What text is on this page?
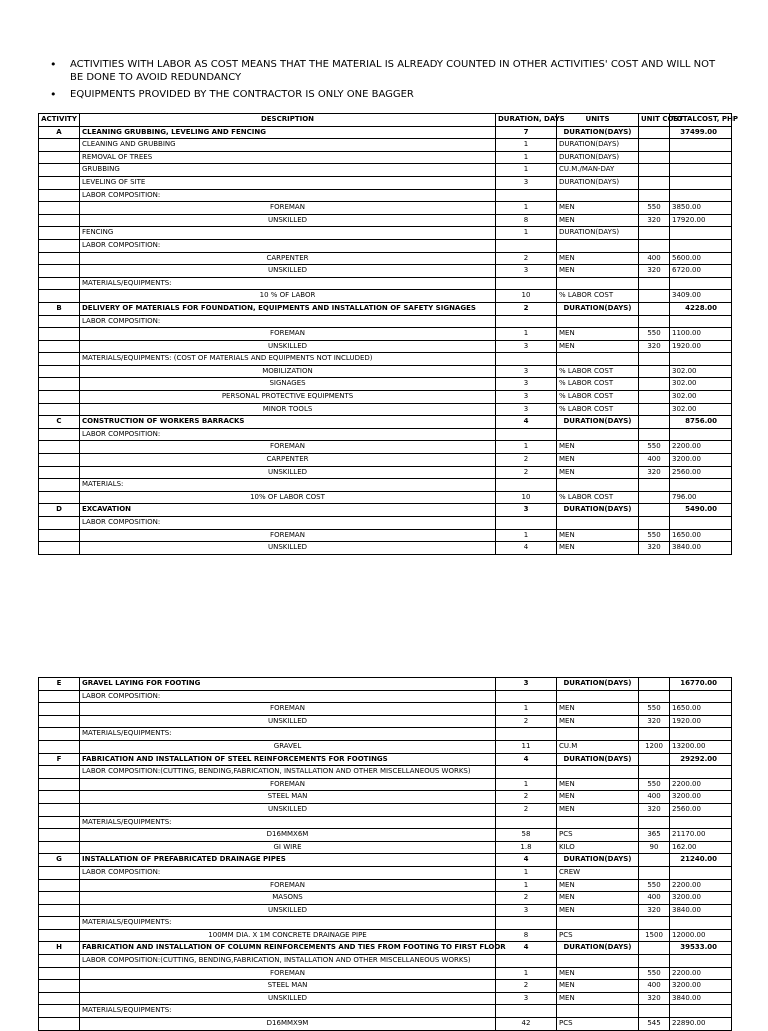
• ACTIVITIES WITH LABOR AS COST MEANS THAT THE MATERIAL IS ALREADY COUNTED IN OTHER ACTIVITIES' COST AND WILL NOT BE DONE TO AVOID REDUNDANCY
• EQUIPMENTS PROVIDED BY THE CONTRACTOR IS ONLY ONE BAGGER
ACTIVITY	DESCRIPTION	DURATION, DAYS	UNITS	UNIT COST	TOTALCOST, PHP
A	CLEANING GRUBBING, LEVELING AND FENCING	7	DURATION(DAYS)		37499.00
	CLEANING AND GRUBBING	1	DURATION(DAYS)		
	REMOVAL OF TREES	1	DURATION(DAYS)		
	GRUBBING	1	CU.M./MAN-DAY		
	LEVELING OF SITE	3	DURATION(DAYS)		
	LABOR COMPOSITION:				
	FOREMAN	1	MEN	550	3850.00
	UNSKILLED	8	MEN	320	17920.00
	FENCING	1	DURATION(DAYS)		
	LABOR COMPOSITION:				
	CARPENTER	2	MEN	400	5600.00
	UNSKILLED	3	MEN	320	6720.00
	MATERIALS/EQUIPMENTS:				
	10 % OF LABOR	10	% LABOR COST		3409.00
B	DELIVERY OF MATERIALS FOR FOUNDATION, EQUIPMENTS AND INSTALLATION OF SAFETY SIGNAGES	2	DURATION(DAYS)		4228.00
	LABOR COMPOSITION:				
	FOREMAN	1	MEN	550	1100.00
	UNSKILLED	3	MEN	320	1920.00
	MATERIALS/EQUIPMENTS: (COST OF MATERIALS AND EQUIPMENTS NOT INCLUDED)				
	MOBILIZATION	3	% LABOR COST		302.00
	SIGNAGES	3	% LABOR COST		302.00
	PERSONAL PROTECTIVE EQUIPMENTS	3	% LABOR COST		302.00
	MINOR TOOLS	3	% LABOR COST		302.00
C	CONSTRUCTION OF WORKERS BARRACKS	4	DURATION(DAYS)		8756.00
	LABOR COMPOSITION:				
	FOREMAN	1	MEN	550	2200.00
	CARPENTER	2	MEN	400	3200.00
	UNSKILLED	2	MEN	320	2560.00
	MATERIALS:				
	10% OF LABOR COST	10	% LABOR COST		796.00
D	EXCAVATION	3	DURATION(DAYS)		5490.00
	LABOR COMPOSITION:				
	FOREMAN	1	MEN	550	1650.00
	UNSKILLED	4	MEN	320	3840.00
E	GRAVEL LAYING FOR FOOTING	3	DURATION(DAYS)		16770.00
	LABOR COMPOSITION:				
	FOREMAN	1	MEN	550	1650.00
	UNSKILLED	2	MEN	320	1920.00
	MATERIALS/EQUIPMENTS:				
	GRAVEL	11	CU.M	1200	13200.00
F	FABRICATION AND INSTALLATION OF STEEL REINFORCEMENTS FOR FOOTINGS	4	DURATION(DAYS)		29292.00
	LABOR COMPOSITION:(CUTTING, BENDING,FABRICATION, INSTALLATION AND OTHER MISCELLANEOUS WORKS)				
	FOREMAN	1	MEN	550	2200.00
	STEEL MAN	2	MEN	400	3200.00
	UNSKILLED	2	MEN	320	2560.00
	MATERIALS/EQUIPMENTS:				
	D16MMX6M	58	PCS	365	21170.00
	GI WIRE	1.8	KILO	90	162.00
G	INSTALLATION OF PREFABRICATED DRAINAGE PIPES	4	DURATION(DAYS)		21240.00
	LABOR COMPOSITION:	1	CREW		
	FOREMAN	1	MEN	550	2200.00
	MASONS	2	MEN	400	3200.00
	UNSKILLED	3	MEN	320	3840.00
	MATERIALS/EQUIPMENTS:				
	100MM DIA. X 1M CONCRETE DRAINAGE PIPE	8	PCS	1500	12000.00
H	FABRICATION AND INSTALLATION OF COLUMN REINFORCEMENTS AND TIES FROM FOOTING TO FIRST FLOOR	4	DURATION(DAYS)		39533.00
	LABOR COMPOSITION:(CUTTING, BENDING,FABRICATION, INSTALLATION AND OTHER MISCELLANEOUS WORKS)				
	FOREMAN	1	MEN	550	2200.00
	STEEL MAN	2	MEN	400	3200.00
	UNSKILLED	3	MEN	320	3840.00
	MATERIALS/EQUIPMENTS:				
	D16MMX9M	42	PCS	545	22890.00
